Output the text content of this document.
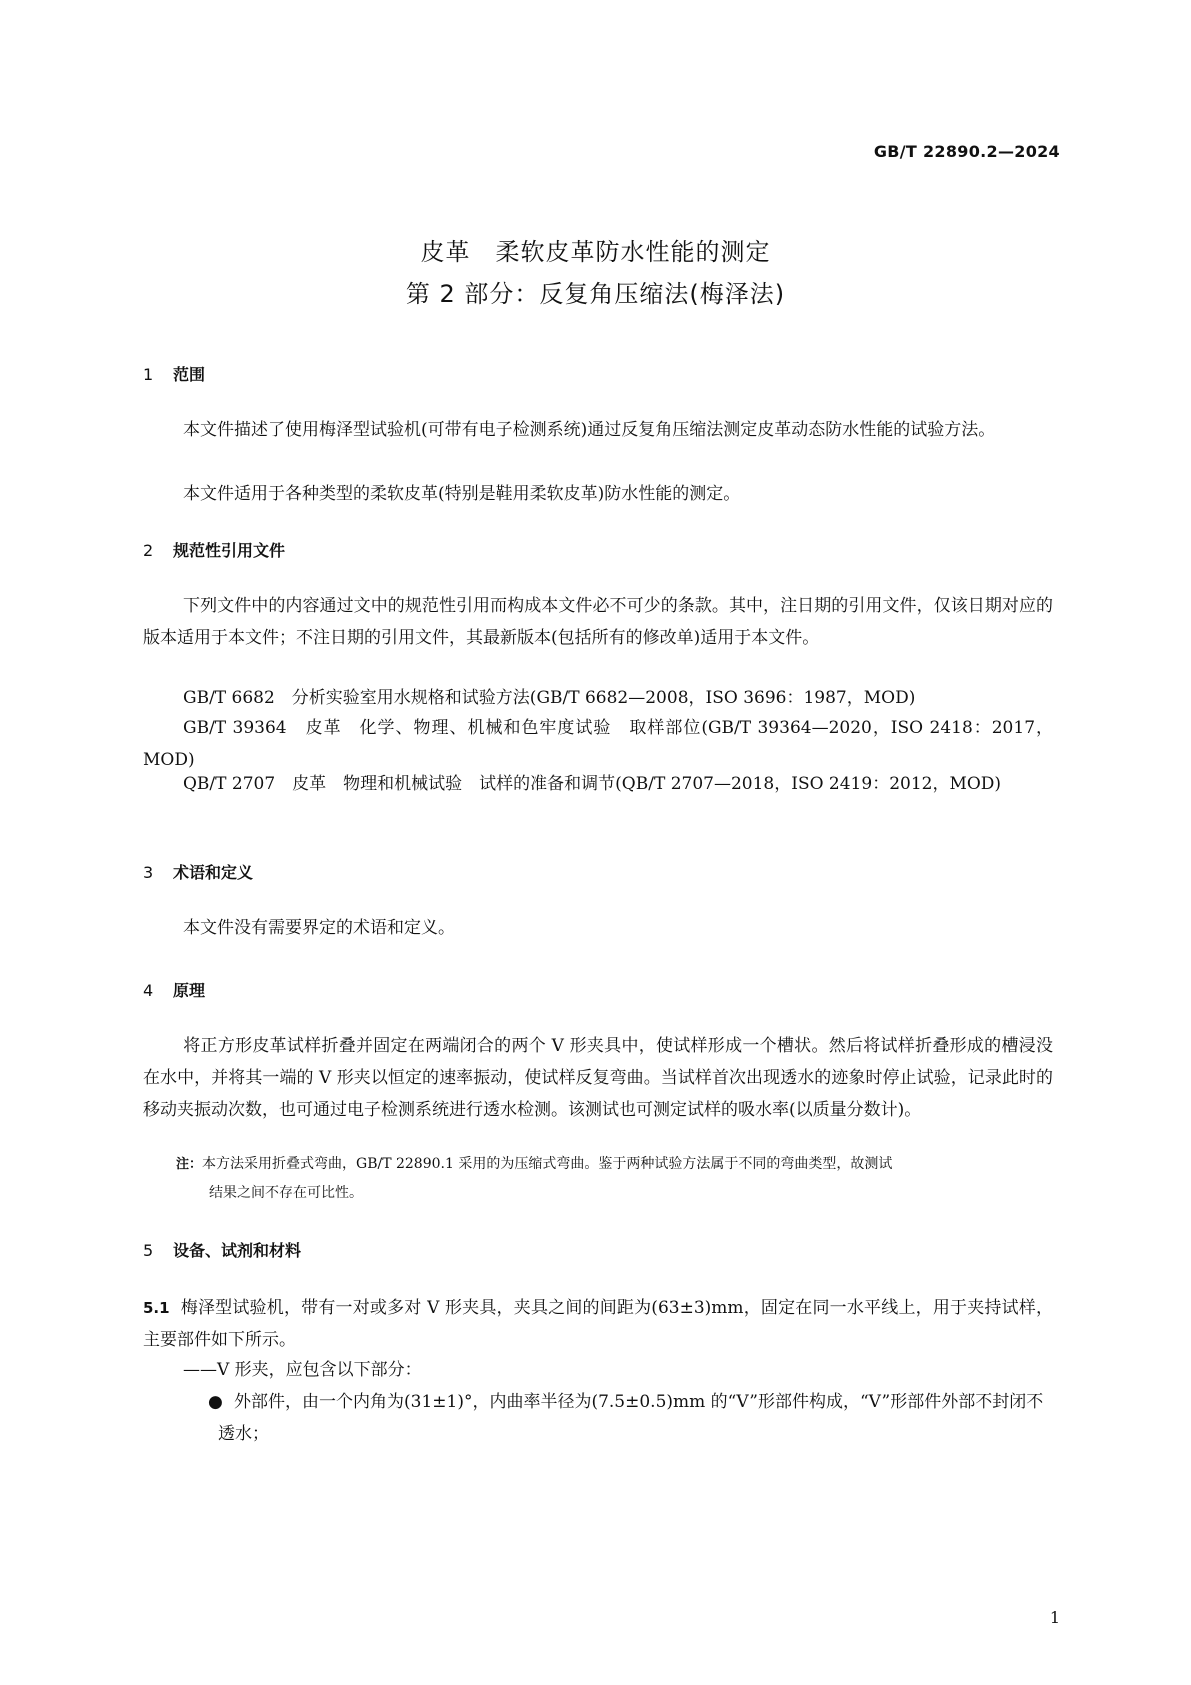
GB/T 22890.2—2024
皮革　柔软皮革防水性能的测定
第 2 部分：反复角压缩法(梅泽法)
1 范围
本文件描述了使用梅泽型试验机(可带有电子检测系统)通过反复角压缩法测定皮革动态防水性能的试验方法。
本文件适用于各种类型的柔软皮革(特别是鞋用柔软皮革)防水性能的测定。
2 规范性引用文件
下列文件中的内容通过文中的规范性引用而构成本文件必不可少的条款。其中，注日期的引用文件，仅该日期对应的版本适用于本文件；不注日期的引用文件，其最新版本(包括所有的修改单)适用于本文件。
GB/T 6682　分析实验室用水规格和试验方法(GB/T 6682—2008，ISO 3696：1987，MOD)
GB/T 39364　皮革　化学、物理、机械和色牢度试验　取样部位(GB/T 39364—2020，ISO 2418：2017，MOD)
QB/T 2707　皮革　物理和机械试验　试样的准备和调节(QB/T 2707—2018，ISO 2419：2012，MOD)
3 术语和定义
本文件没有需要界定的术语和定义。
4 原理
将正方形皮革试样折叠并固定在两端闭合的两个 V 形夹具中，使试样形成一个槽状。然后将试样折叠形成的槽浸没在水中，并将其一端的 V 形夹以恒定的速率振动，使试样反复弯曲。当试样首次出现透水的迹象时停止试验，记录此时的移动夹振动次数，也可通过电子检测系统进行透水检测。该测试也可测定试样的吸水率(以质量分数计)。
注：本方法采用折叠式弯曲，GB/T 22890.1 采用的为压缩式弯曲。鉴于两种试验方法属于不同的弯曲类型，故测试
结果之间不存在可比性。
5 设备、试剂和材料
5.1 梅泽型试验机，带有一对或多对 V 形夹具，夹具之间的间距为(63±3)mm，固定在同一水平线上，用于夹持试样，主要部件如下所示。
——V 形夹，应包含以下部分：
● 外部件，由一个内角为(31±1)°，内曲率半径为(7.5±0.5)mm 的“V”形部件构成，“V”形部件外部不封闭不透水；
1
